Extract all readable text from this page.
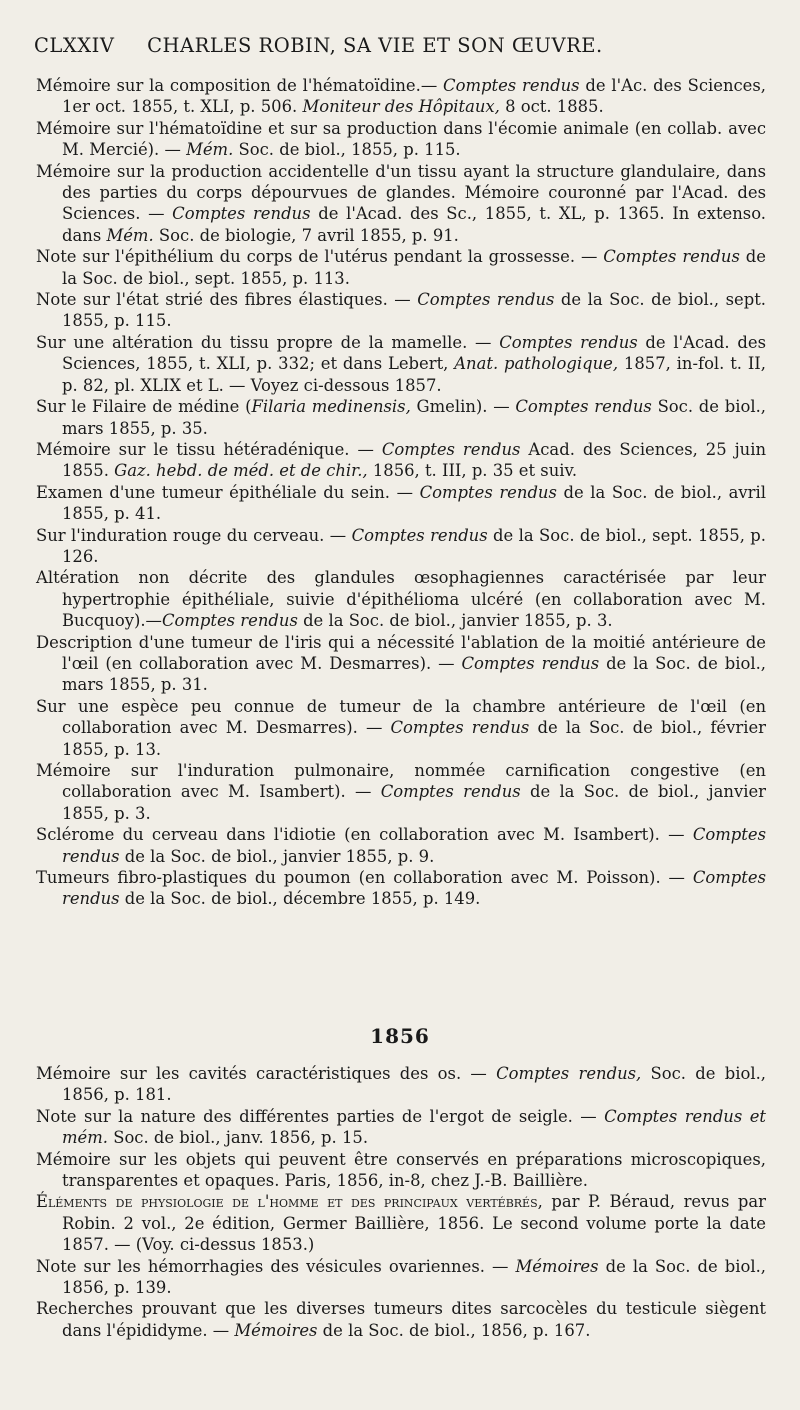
CLXXIV CHARLES ROBIN, SA VIE ET SON ŒUVRE.
Mémoire sur la composition de l'hématoïdine.— Comptes rendus de l'Ac. des Sciences, 1er oct. 1855, t. XLI, p. 506. Moniteur des Hôpitaux, 8 oct. 1885.
Mémoire sur l'hématoïdine et sur sa production dans l'écomie animale (en collab. avec M. Mercié). — Mém. Soc. de biol., 1855, p. 115.
Mémoire sur la production accidentelle d'un tissu ayant la structure glandulaire, dans des parties du corps dépourvues de glandes. Mémoire couronné par l'Acad. des Sciences. — Comptes rendus de l'Acad. des Sc., 1855, t. XL, p. 1365. In extenso. dans Mém. Soc. de biologie, 7 avril 1855, p. 91.
Note sur l'épithélium du corps de l'utérus pendant la grossesse. — Comptes rendus de la Soc. de biol., sept. 1855, p. 113.
Note sur l'état strié des fibres élastiques. — Comptes rendus de la Soc. de biol., sept. 1855, p. 115.
Sur une altération du tissu propre de la mamelle. — Comptes rendus de l'Acad. des Sciences, 1855, t. XLI, p. 332; et dans Lebert, Anat. pathologique, 1857, in-fol. t. II, p. 82, pl. XLIX et L. — Voyez ci-dessous 1857.
Sur le Filaire de médine (Filaria medinensis, Gmelin). — Comptes rendus Soc. de biol., mars 1855, p. 35.
Mémoire sur le tissu hétéradénique. — Comptes rendus Acad. des Sciences, 25 juin 1855. Gaz. hebd. de méd. et de chir., 1856, t. III, p. 35 et suiv.
Examen d'une tumeur épithéliale du sein. — Comptes rendus de la Soc. de biol., avril 1855, p. 41.
Sur l'induration rouge du cerveau. — Comptes rendus de la Soc. de biol., sept. 1855, p. 126.
Altération non décrite des glandules œsophagiennes caractérisée par leur hypertrophie épithéliale, suivie d'épithélioma ulcéré (en collaboration avec M. Bucquoy).—Comptes rendus de la Soc. de biol., janvier 1855, p. 3.
Description d'une tumeur de l'iris qui a nécessité l'ablation de la moitié antérieure de l'œil (en collaboration avec M. Desmarres). — Comptes rendus de la Soc. de biol., mars 1855, p. 31.
Sur une espèce peu connue de tumeur de la chambre antérieure de l'œil (en collaboration avec M. Desmarres). — Comptes rendus de la Soc. de biol., février 1855, p. 13.
Mémoire sur l'induration pulmonaire, nommée carnification congestive (en collaboration avec M. Isambert). — Comptes rendus de la Soc. de biol., janvier 1855, p. 3.
Sclérome du cerveau dans l'idiotie (en collaboration avec M. Isambert). — Comptes rendus de la Soc. de biol., janvier 1855, p. 9.
Tumeurs fibro-plastiques du poumon (en collaboration avec M. Poisson). — Comptes rendus de la Soc. de biol., décembre 1855, p. 149.
1856
Mémoire sur les cavités caractéristiques des os. — Comptes rendus, Soc. de biol., 1856, p. 181.
Note sur la nature des différentes parties de l'ergot de seigle. — Comptes rendus et mém. Soc. de biol., janv. 1856, p. 15.
Mémoire sur les objets qui peuvent être conservés en préparations microscopiques, transparentes et opaques. Paris, 1856, in-8, chez J.-B. Baillière.
Éléments de physiologie de l'homme et des principaux vertébrés, par P. Béraud, revus par Robin. 2 vol., 2e édition, Germer Baillière, 1856. Le second volume porte la date 1857. — (Voy. ci-dessus 1853.)
Note sur les hémorrhagies des vésicules ovariennes. — Mémoires de la Soc. de biol., 1856, p. 139.
Recherches prouvant que les diverses tumeurs dites sarcocèles du testicule siègent dans l'épididyme. — Mémoires de la Soc. de biol., 1856, p. 167.
